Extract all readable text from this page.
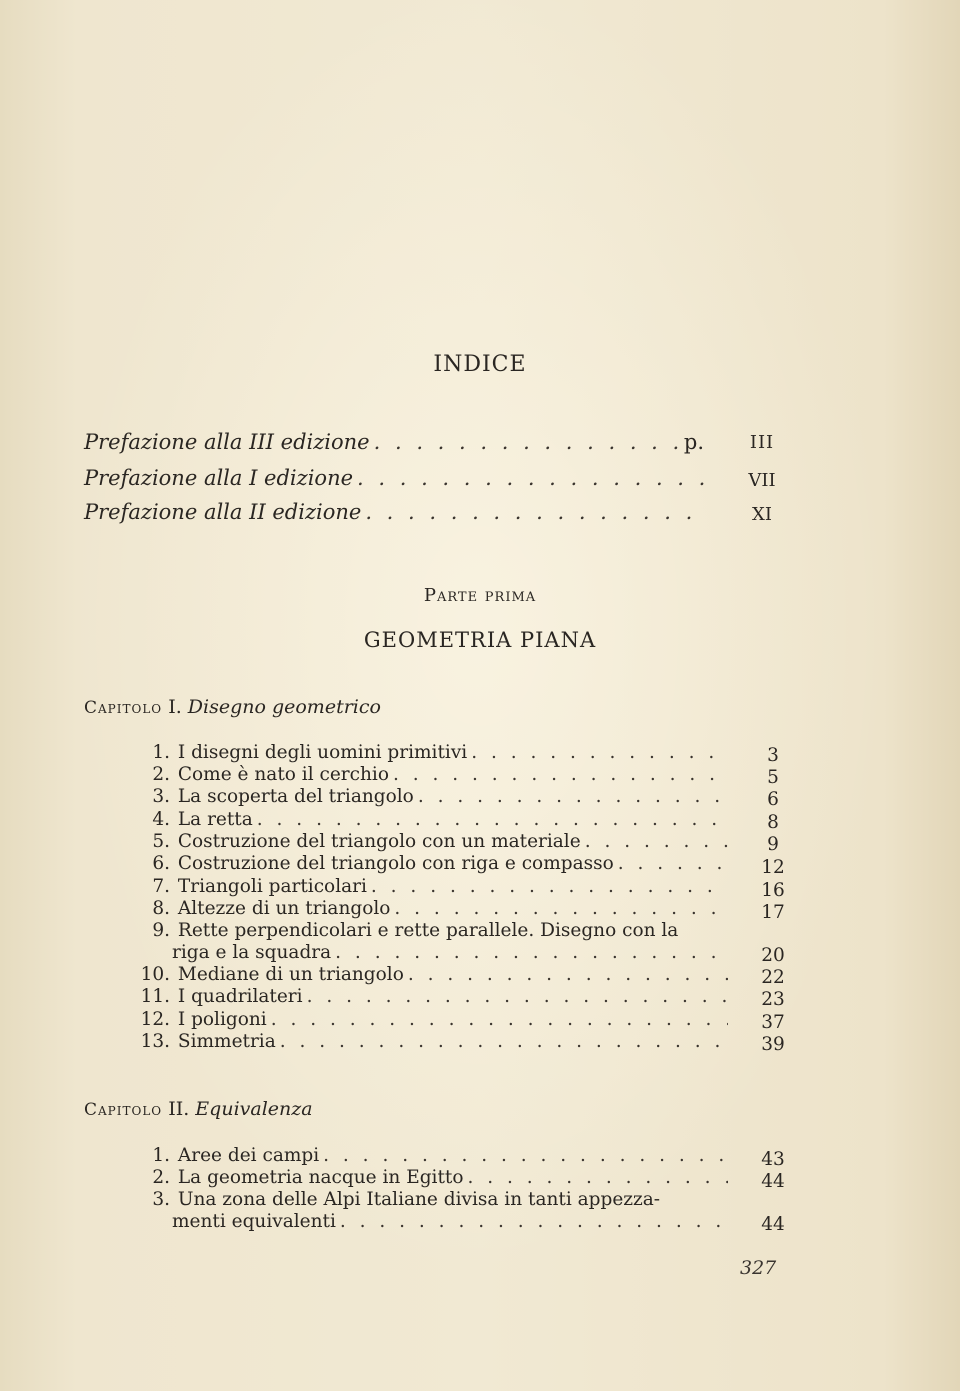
INDICE
Prefazione alla III edizione . . .	p.	III
Prefazione alla I edizione . . .	VII
Prefazione alla II edizione . . .	XI
Parte prima
GEOMETRIA PIANA
Capitolo I. Disegno geometrico
1. I disegni degli uomini primitivi . . .	3
2. Come è nato il cerchio . . .	5
3. La scoperta del triangolo . . .	6
4. La retta . . .	8
5. Costruzione del triangolo con un materiale . . .	9
6. Costruzione del triangolo con riga e compasso . . .	12
7. Triangoli particolari . . .	16
8. Altezze di un triangolo . . .	17
9. Rette perpendicolari e rette parallele. Disegno con la
riga e la squadra . . .	20
10. Mediane di un triangolo . . .	22
11. I quadrilateri . . .	23
12. I poligoni . . .	37
13. Simmetria . . .	39
Capitolo II. Equivalenza
1. Aree dei campi . . .	43
2. La geometria nacque in Egitto . . .	44
3. Una zona delle Alpi Italiane divisa in tanti appezza-
menti equivalenti . . .	44
327
